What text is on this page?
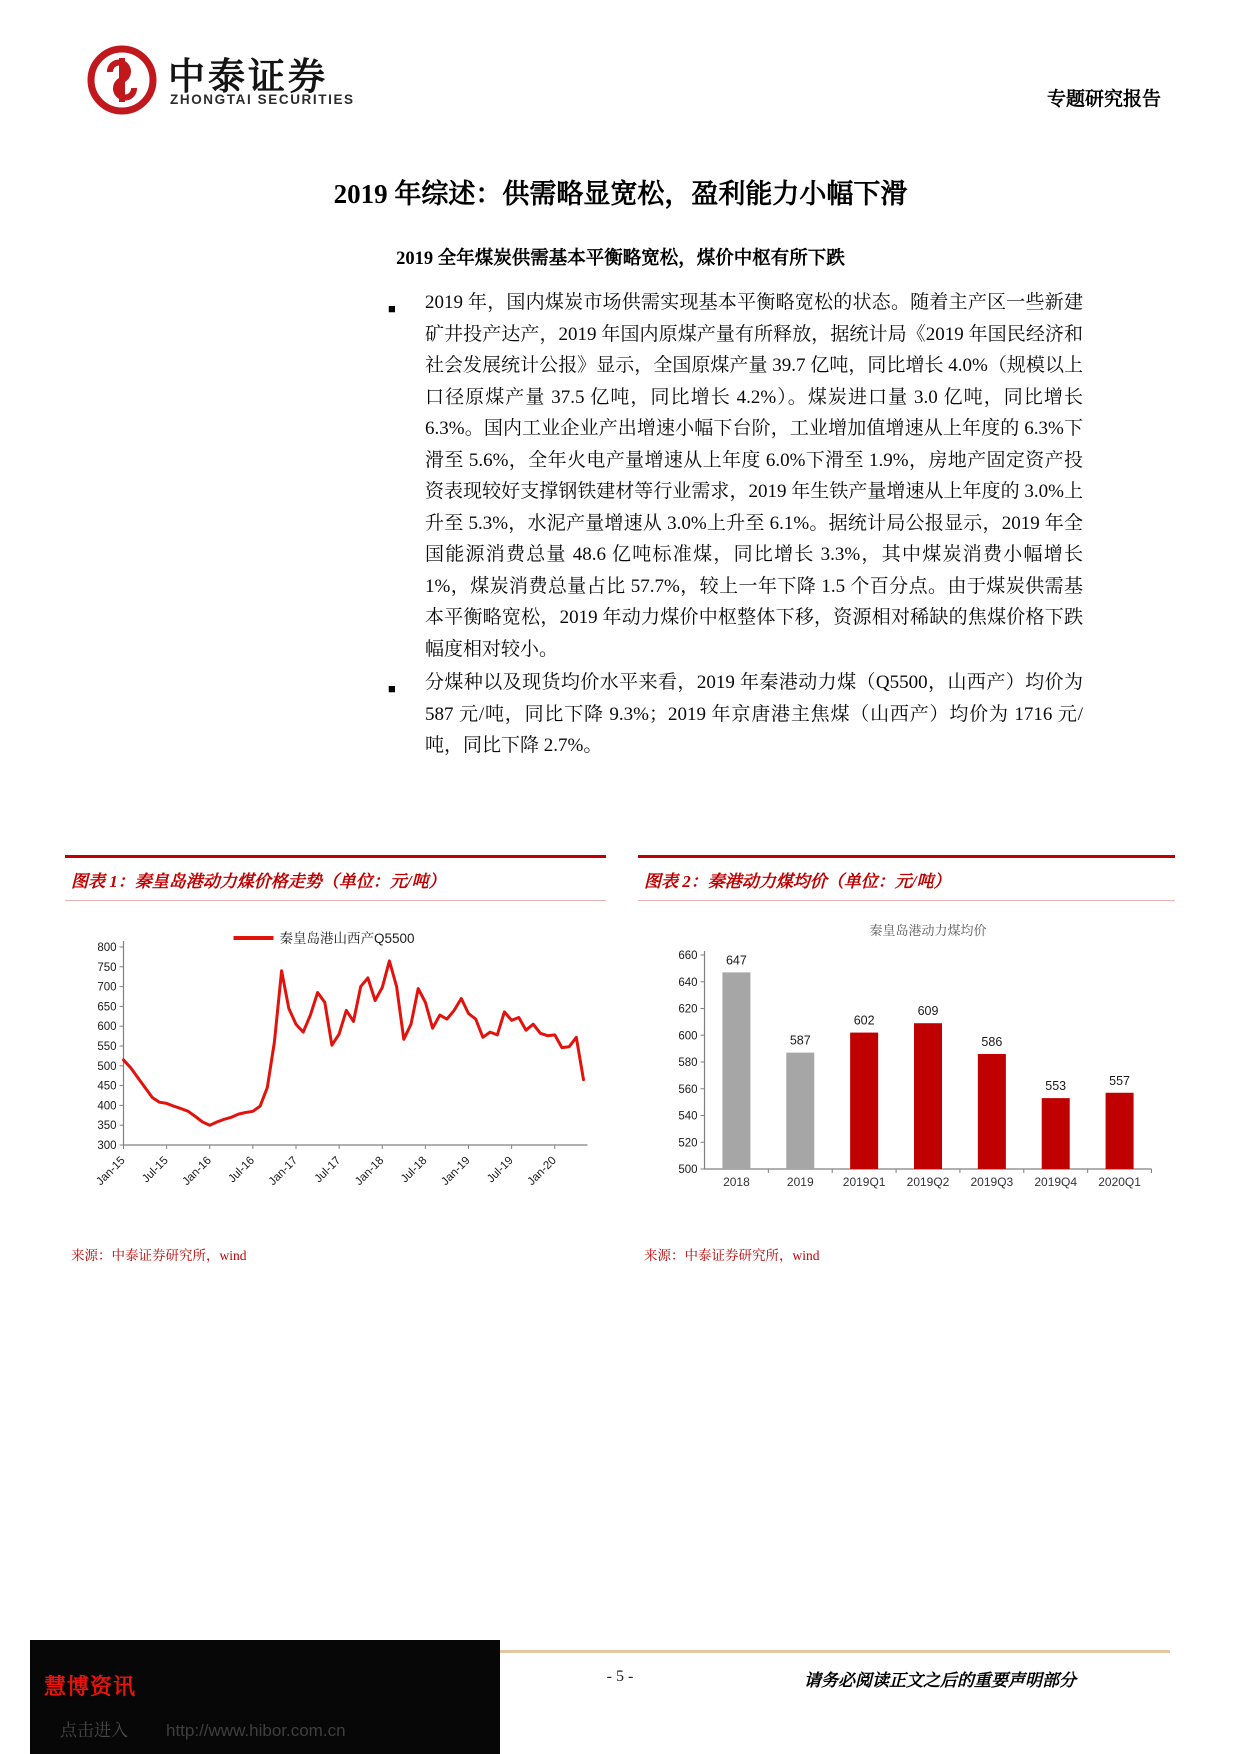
中泰证券
ZHONGTAI SECURITIES	专题研究报告
2019 年综述：供需略显宽松，盈利能力小幅下滑
2019 全年煤炭供需基本平衡略宽松，煤价中枢有所下跌
■ 2019 年，国内煤炭市场供需实现基本平衡略宽松的状态。随着主产区一些新建矿井投产达产，2019 年国内原煤产量有所释放，据统计局《2019 年国民经济和社会发展统计公报》显示，全国原煤产量 39.7 亿吨，同比增长 4.0%（规模以上口径原煤产量 37.5 亿吨，同比增长 4.2%）。煤炭进口量 3.0 亿吨，同比增长 6.3%。国内工业企业产出增速小幅下台阶，工业增加值增速从上年度的 6.3%下滑至 5.6%，全年火电产量增速从上年度 6.0%下滑至 1.9%，房地产固定资产投资表现较好支撑钢铁建材等行业需求，2019 年生铁产量增速从上年度的 3.0%上升至 5.3%，水泥产量增速从 3.0%上升至 6.1%。据统计局公报显示，2019 年全国能源消费总量 48.6 亿吨标准煤，同比增长 3.3%，其中煤炭消费小幅增长 1%，煤炭消费总量占比 57.7%，较上一年下降 1.5 个百分点。由于煤炭供需基本平衡略宽松，2019 年动力煤价中枢整体下移，资源相对稀缺的焦煤价格下跌幅度相对较小。
■ 分煤种以及现货均价水平来看，2019 年秦港动力煤（Q5500，山西产）均价为 587 元/吨，同比下降 9.3%；2019 年京唐港主焦煤（山西产）均价为 1716 元/吨，同比下降 2.7%。
图表 1：秦皇岛港动力煤价格走势（单位：元/吨）
300
350
400
450
500
550
600
650
700
750
800
Jan-15 Jul-15 Jan-16 Jul-16 Jan-17 Jul-17 Jan-18 Jul-18 Jan-19 Jul-19 Jan-20
秦皇岛港山西产Q5500
来源：中泰证券研究所，wind
图表 2：秦港动力煤均价（单位：元/吨）
秦皇岛港动力煤均价
500
520
540
560
580
600
620
640
660 647
2018
587
2019
602
2019Q1
609
2019Q2
586
2019Q3
553
2019Q4
557
2020Q1
来源：中泰证券研究所，wind
- 5 -	请务必阅读正文之后的重要声明部分
慧博资讯
点击进入 http://www.hibor.com.cn
